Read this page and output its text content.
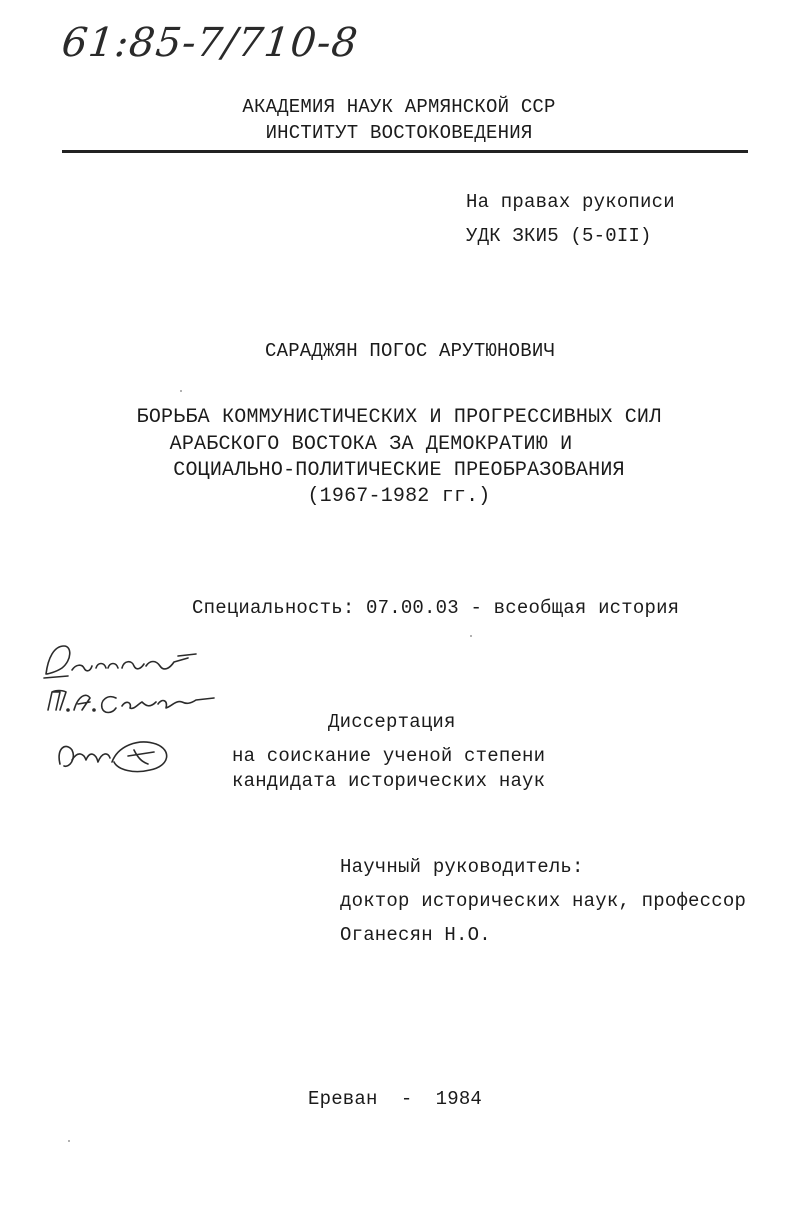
61:85-7/710-8
АКАДЕМИЯ НАУК АРМЯНСКОЙ ССР
ИНСТИТУТ ВОСТОКОВЕДЕНИЯ
На правах рукописи
УДК ЗКИ5 (5-0II)
САРАДЖЯН ПОГОС АРУТЮНОВИЧ
БОРЬБА КОММУНИСТИЧЕСКИХ И ПРОГРЕССИВНЫХ СИЛ
АРАБСКОГО ВОСТОКА ЗА ДЕМОКРАТИЮ И
СОЦИАЛЬНО-ПОЛИТИЧЕСКИЕ ПРЕОБРАЗОВАНИЯ
(1967-1982 гг.)
Специальность: 07.00.03 - всеобщая история
Диссертация
на соискание ученой степени
кандидата исторических наук
Научный руководитель:
доктор исторических наук, профессор
Оганесян Н.О.
Ереван  -  1984
